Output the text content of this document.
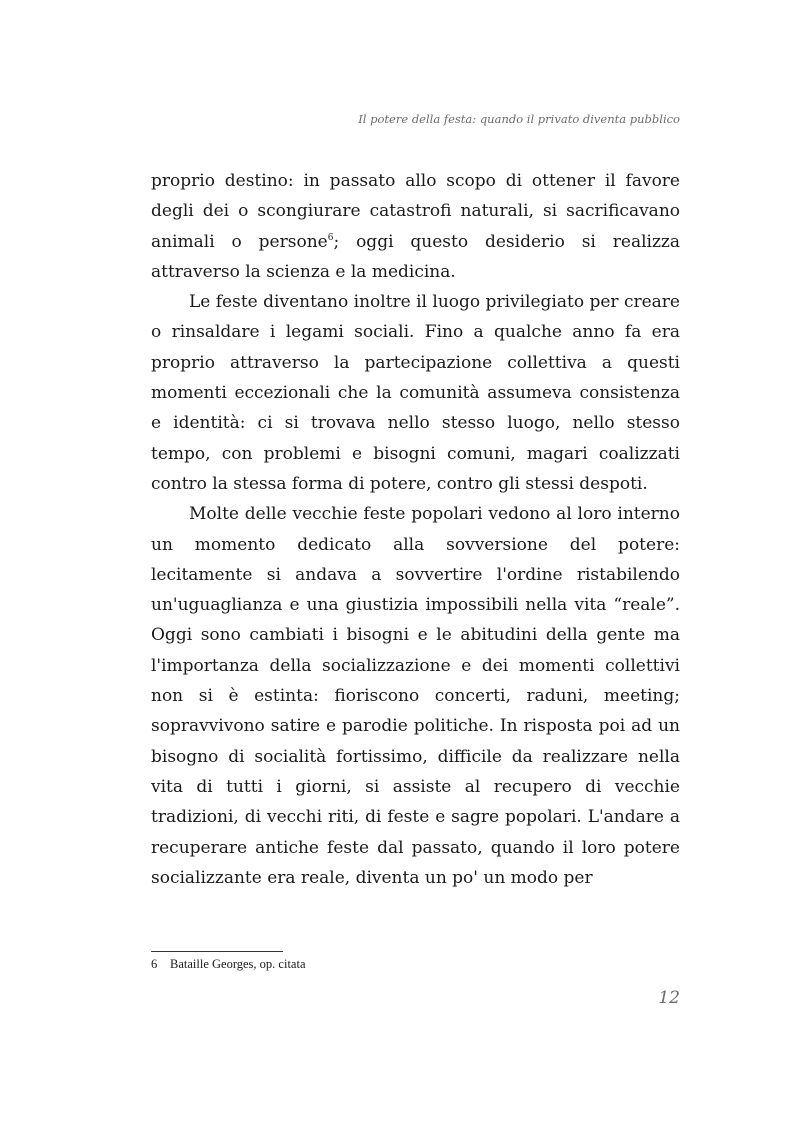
Il potere della festa: quando il privato diventa pubblico

proprio destino: in passato allo scopo di ottener il favore degli dei o scongiurare catastrofi naturali, si sacrificavano animali o persone$^6$; oggi questo desiderio si realizza attraverso la scienza e la medicina.

Le feste diventano inoltre il luogo privilegiato per creare o rinsaldare i legami sociali. Fino a qualche anno fa era proprio attraverso la partecipazione collettiva a questi momenti eccezionali che la comunità assumeva consistenza e identità: ci si trovava nello stesso luogo, nello stesso tempo, con problemi e bisogni comuni, magari coalizzati contro la stessa forma di potere, contro gli stessi despoti.

Molte delle vecchie feste popolari vedono al loro interno un momento dedicato alla sovversione del potere: lecitamente si andava a sovvertire l'ordine ristabilendo un'uguaglianza e una giustizia impossibili nella vita “reale”. Oggi sono cambiati i bisogni e le abitudini della gente ma l'importanza della socializzazione e dei momenti collettivi non si è estinta: fioriscono concerti, raduni, meeting; sopravvivono satire e parodie politiche. In risposta poi ad un bisogno di socialità fortissimo, difficile da realizzare nella vita di tutti i giorni, si assiste al recupero di vecchie tradizioni, di vecchi riti, di feste e sagre popolari. L'andare a recuperare antiche feste dal passato, quando il loro potere socializzante era reale, diventa un po' un modo per

6 Bataille Georges, op. citata
12
